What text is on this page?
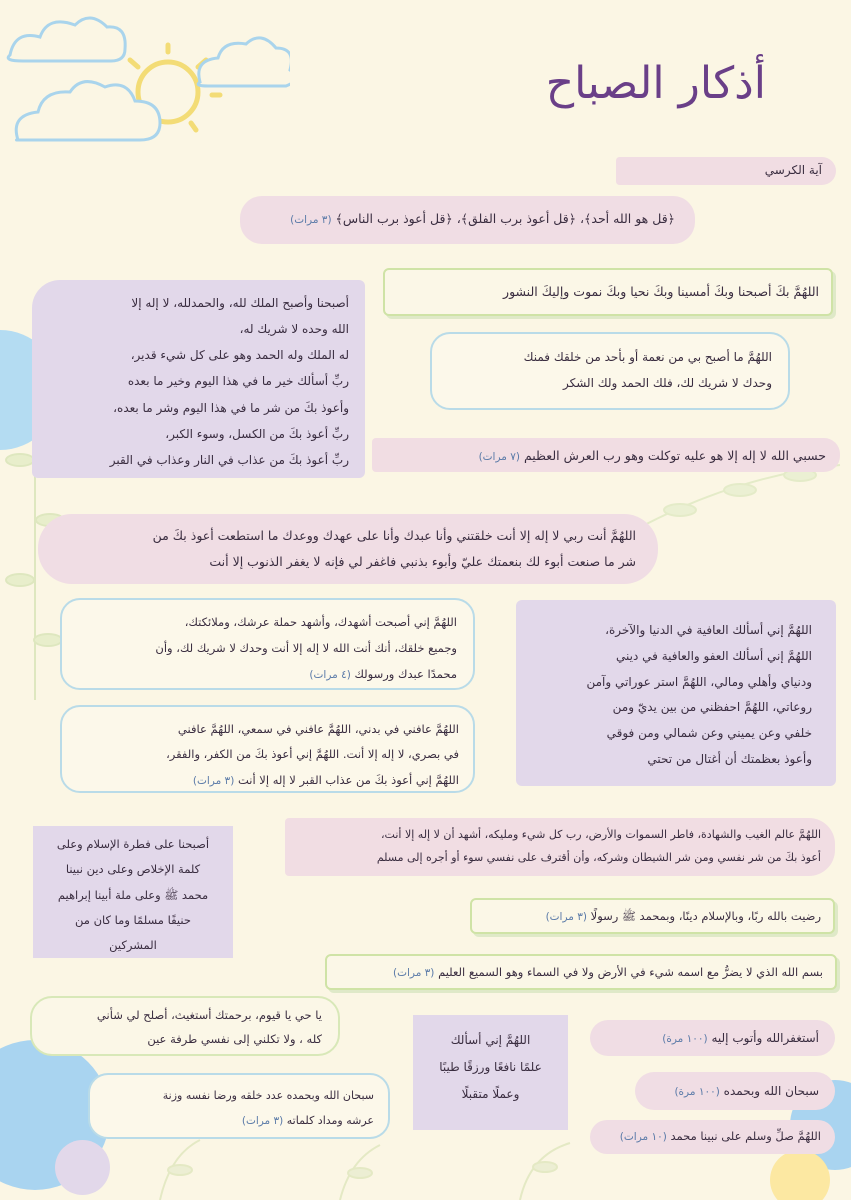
أذكار الصباح
آية الكرسي
﴿قل هو الله أحد﴾، ﴿قل أعوذ برب الفلق﴾، ﴿قل أعوذ برب الناس﴾ (٣ مرات)
أصبحنا وأصبح الملك لله، والحمدلله، لا إله إلا
الله وحده لا شريك له،
له الملك وله الحمد وهو على كل شيء قدير،
ربِّ أسألك خير ما في هذا اليوم وخير ما بعده
وأعوذ بكَ من شر ما في هذا اليوم وشر ما بعده،
ربِّ أعوذ بكَ من الكسل، وسوء الكبر،
ربِّ أعوذ بكَ من عذاب في النار وعذاب في القبر
اللهُمَّ بكَ أصبحنا وبكَ أمسينا وبكَ نحيا وبكَ نموت وإليكَ النشور
اللهُمَّ ما أصبح بي من نعمة أو بأحد من خلقك فمنك
وحدك لا شريك لك، فلك الحمد ولك الشكر
حسبي الله لا إله إلا هو عليه توكلت وهو رب العرش العظيم (٧ مرات)
اللهُمَّ أنت ربي لا إله إلا أنت خلقتني وأنا عبدك وأنا على عهدك ووعدك ما استطعت أعوذ بكَ من
شر ما صنعت أبوء لك بنعمتك عليّ وأبوء بذنبي فاغفر لي فإنه لا يغفر الذنوب إلا أنت
اللهُمَّ إني أصبحت أشهدك، وأشهد حملة عرشك، وملائكتك،
وجميع خلقك، أنك أنت الله لا إله إلا أنت وحدك لا شريك لك، وأن
محمدًا عبدك ورسولك (٤ مرات)
اللهُمَّ إني أسألك العافية في الدنيا والآخرة،
اللهُمَّ إني أسألك العفو والعافية في ديني
ودنياي وأهلي ومالي، اللهُمَّ استر عوراتي وآمن
روعاتي، اللهُمَّ احفظني من بين يديّ ومن
خلفي وعن يميني وعن شمالي ومن فوقي
وأعوذ بعظمتك أن أغتال من تحتي
اللهُمَّ عافني في بدني، اللهُمَّ عافني في سمعي، اللهُمَّ عافني
في بصري، لا إله إلا أنت. اللهُمَّ إني أعوذ بكَ من الكفر، والفقر،
اللهُمَّ إني أعوذ بكَ من عذاب القبر لا إله إلا أنت (٣ مرات)
اللهُمَّ عالم الغيب والشهادة، فاطر السموات والأرض، رب كل شيء ومليكه، أشهد أن لا إله إلا أنت،
أعوذ بكَ من شر نفسي ومن شر الشيطان وشركه، وأن أقترف على نفسي سوء أو أجره إلى مسلم
أصبحنا على فطرة الإسلام وعلى
كلمة الإخلاص وعلى دين نبينا
محمد ﷺ وعلى ملة أبينا إبراهيم
حنيفًا مسلمًا وما كان من
المشركين
رضيت بالله ربًا، وبالإسلام دينًا، وبمحمد ﷺ رسولًا (٣ مرات)
بسم الله الذي لا يضرُّ مع اسمه شيء في الأرض ولا في السماء وهو السميع العليم (٣ مرات)
يا حي يا قيوم، برحمتك أستغيث، أصلح لي شأني
كله ، ولا تكلني إلى نفسي طرفة عين	اللهُمَّ إني أسألك
علمًا نافعًا ورزقًا طيبًا
وعملًا متقبلًا
أستغفرالله وأتوب إليه (١٠٠ مرة)
سبحان الله وبحمده عدد خلقه ورضا نفسه وزنة
عرشه ومداد كلماته (٣ مرات)
سبحان الله وبحمده (١٠٠ مرة)
اللهُمَّ صلِّ وسلم على نبينا محمد (١٠ مرات)
